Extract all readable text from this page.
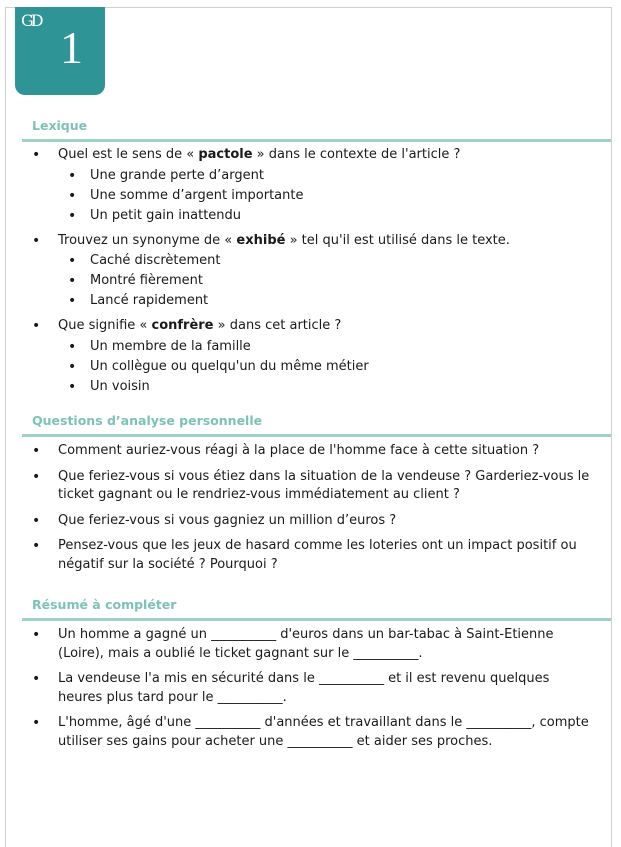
GD
1
Lexique
• Quel est le sens de « pactole » dans le contexte de l'article ?
• Une grande perte d’argent
• Une somme d’argent importante
• Un petit gain inattendu
• Trouvez un synonyme de « exhibé » tel qu'il est utilisé dans le texte.
• Caché discrètement
• Montré fièrement
• Lancé rapidement
• Que signifie « confrère » dans cet article ?
• Un membre de la famille
• Un collègue ou quelqu'un du même métier
• Un voisin
Questions d’analyse personnelle
• Comment auriez-vous réagi à la place de l'homme face à cette situation ?
• Que feriez-vous si vous étiez dans la situation de la vendeuse ? Garderiez-vous le ticket gagnant ou le rendriez-vous immédiatement au client ?
• Que feriez-vous si vous gagniez un million d’euros ?
• Pensez-vous que les jeux de hasard comme les loteries ont un impact positif ou négatif sur la société ? Pourquoi ?
Résumé à compléter
• Un homme a gagné un __________ d'euros dans un bar-tabac à Saint-Etienne (Loire), mais a oublié le ticket gagnant sur le __________.
• La vendeuse l'a mis en sécurité dans le __________ et il est revenu quelques heures plus tard pour le __________.
• L'homme, âgé d'une __________ d'années et travaillant dans le __________, compte utiliser ses gains pour acheter une __________ et aider ses proches.
